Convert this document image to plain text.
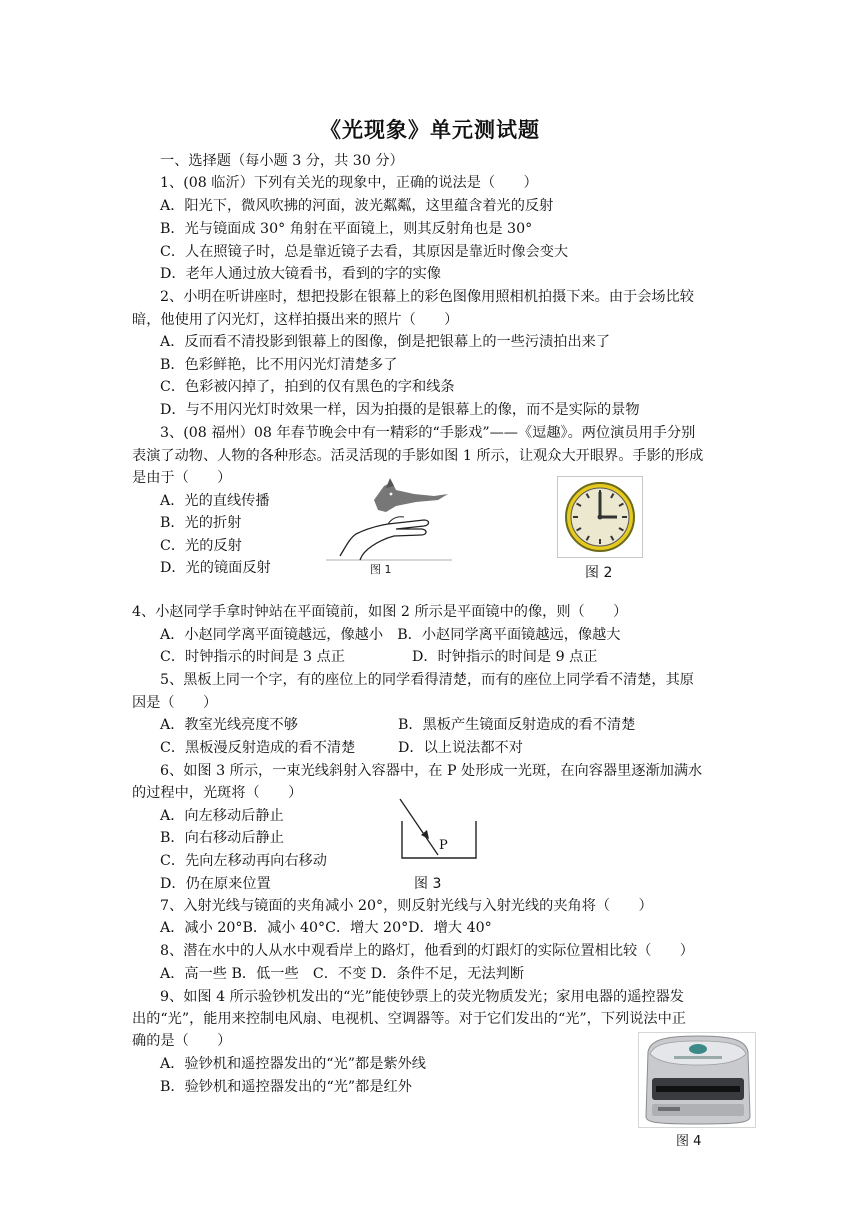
《光现象》单元测试题
一、选择题（每小题 3 分，共 30 分）
1、(08 临沂）下列有关光的现象中，正确的说法是（　　）
A．阳光下，微风吹拂的河面，波光粼粼，这里蕴含着光的反射
B．光与镜面成 30° 角射在平面镜上，则其反射角也是 30°
C．人在照镜子时，总是靠近镜子去看，其原因是靠近时像会变大
D．老年人通过放大镜看书，看到的字的实像
2、小明在听讲座时，想把投影在银幕上的彩色图像用照相机拍摄下来。由于会场比较
暗，他使用了闪光灯，这样拍摄出来的照片（　　）
A．反而看不清投影到银幕上的图像，倒是把银幕上的一些污渍拍出来了
B．色彩鲜艳，比不用闪光灯清楚多了
C．色彩被闪掉了，拍到的仅有黑色的字和线条
D．与不用闪光灯时效果一样，因为拍摄的是银幕上的像，而不是实际的景物
3、(08 福州）08 年春节晚会中有一精彩的“手影戏”——《逗趣》。两位演员用手分别
表演了动物、人物的各种形态。活灵活现的手影如图 1 所示，让观众大开眼界。手影的形成
是由于（　　）
A．光的直线传播
B．光的折射
C．光的反射
D．光的镜面反射	图 1	图 2
4、小赵同学手拿时钟站在平面镜前，如图 2 所示是平面镜中的像，则（　　）
A．小赵同学离平面镜越远，像越小　B．小赵同学离平面镜越远，像越大
C．时钟指示的时间是 3 点正	D．时钟指示的时间是 9 点正
5、黑板上同一个字，有的座位上的同学看得清楚，而有的座位上同学看不清楚，其原
因是（　　）
A．教室光线亮度不够	B．黑板产生镜面反射造成的看不清楚
C．黑板漫反射造成的看不清楚	D．以上说法都不对
6、如图 3 所示，一束光线斜射入容器中，在 P 处形成一光斑，在向容器里逐渐加满水
的过程中，光斑将（　　）
A．向左移动后静止
B．向右移动后静止
C．先向左移动再向右移动
D．仍在原来位置
P
图 3
7、入射光线与镜面的夹角减小 20°，则反射光线与入射光线的夹角将（　　）
A．减小 20°B．减小 40°C．增大 20°D．增大 40°
8、潜在水中的人从水中观看岸上的路灯，他看到的灯跟灯的实际位置相比较（　　）
A．高一些 B．低一些　C．不变 D．条件不足，无法判断
9、如图 4 所示验钞机发出的“光”能使钞票上的荧光物质发光；家用电器的遥控器发
出的“光”，能用来控制电风扇、电视机、空调器等。对于它们发出的“光”，下列说法中正
确的是（　　）
A．验钞机和遥控器发出的“光”都是紫外线
B．验钞机和遥控器发出的“光”都是红外
图 4
